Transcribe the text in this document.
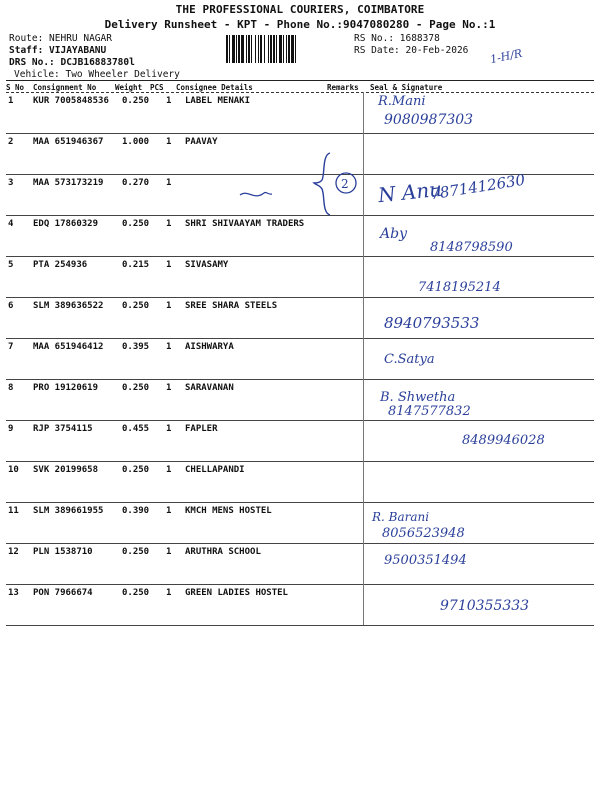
THE PROFESSIONAL COURIERS, COIMBATORE
Delivery Runsheet - KPT - Phone No.:9047080280 - Page No.:1
Route: NEHRU NAGAR
Staff: VIJAYABANU
DRS No.: DCJB16883780l
Vehicle: Two Wheeler Delivery
RS No.: 1688378
RS Date: 20-Feb-2026 1-H/R
S No Consignment No	Weight PCS Consignee Details	Remarks Seal & Signature
1 KUR 7005848536 0.250 1 LABEL MENAKI	R.Mani
9080987303
2 MAA 651946367 1.000 1 PAAVAY
3 MAA 573173219 0.270 1	N Anu
7871412630
4 EDQ 17860329	0.250 1 SHRI SHIVAAYAM TRADERS
Aby
8148798590
5 PTA 254936	0.215 1 SIVASAMY
7418195214
6 SLM 389636522 0.250 1 SREE SHARA STEELS
8940793533
7 MAA 651946412 0.395 1 AISHWARYA
C.Satya
8 PRO 19120619	0.250 1 SARAVANAN
B. Shwetha
8147577832
9 RJP 3754115	0.455 1 FAPLER
8489946028
10 SVK 20199658	0.250 1 CHELLAPANDI
11 SLM 389661955 0.390 1 KMCH MENS HOSTEL	R. Barani
8056523948
12 PLN 1538710	0.250 1 ARUTHRA SCHOOL
9500351494
13 PON 7966674	0.250 1 GREEN LADIES HOSTEL
9710355333
2
